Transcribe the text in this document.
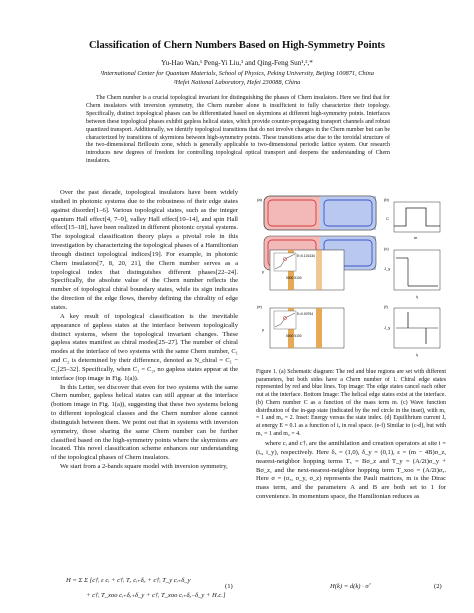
Classification of Chern Numbers Based on High-Symmetry Points
Yu-Hao Wan,¹ Peng-Yi Liu,¹ and Qing-Feng Sun¹,²,*
¹International Center for Quantum Materials, School of Physics, Peking University, Beijing 100871, China
²Hefei National Laboratory, Hefei 230088, China
The Chern number is a crucial topological invariant for distinguishing the phases of Chern insulators. Here we find that for Chern insulators with inversion symmetry, the Chern number alone is insufficient to fully characterize their topology. Specifically, distinct topological phases can be differentiated based on skyrmions at different high-symmetry points. Interfaces between these topological phases exhibit gapless helical states, which provide counter-propagating transport channels and robust quantized transport. Additionally, we identify topological transitions that do not involve changes in the Chern number but can be characterized by transitions of skyrmions between high-symmetry points. These transitions arise due to the toroidal structure of the two-dimensional Brillouin zone, which is generally applicable to two-dimensional periodic lattice system. Our research introduces new degrees of freedom for controlling topological optical transport and deepens the understanding of Chern insulators.

Over the past decade, topological insulators have been widely studied in photonic systems due to the robustness of their edge states against disorder[1–6]. Various topological states, such as the integer quantum Hall effect[4, 7–9], valley Hall effect[10–14], and spin Hall effect[15–18], have been realized in different photonic crystal systems. The topological classification theory plays a pivotal role in this investigation by characterizing the topological phases of a Hamiltonian through distinct topological indices[19]. For example, in photonic Chern insulators[7, 8, 20, 21], the Chern number serves as a topological index that distinguishes different phases[22–24]. Specifically, the absolute value of the Chern number reflects the number of topological chiral boundary states, while its sign indicates the direction of the edge flows, thereby defining the chirality of edge states.

A key result of topological classification is the inevitable appearance of gapless states at the interface between topologically distinct systems, where the topological invariant changes. These gapless states manifest as chiral modes[25–27]. The number of chiral modes at the interface of two systems with the same Chern number, C₁ and C₂ is determined by their difference, denoted as N_chiral = C₁ − C₂[25–32]. Specifically, when C₁ = C₂, no gapless states appear at the interface (top image in Fig. 1(a)).

In this Letter, we discover that even for two systems with the same Chern number, gapless helical states can still appear at the interface (bottom image in Fig. 1(a)), suggesting that these two systems belong to different topological classes and the Chern number alone cannot distinguish between them. We point out that in systems with inversion symmetry, those sharing the same Chern number can be further classified based on the high-symmetry points where the skyrmions are located. This novel classification scheme enhances our understanding of the topological phases of Chern insulators.

We start from a 2-bands square model with inversion symmetry,

H = Σ Σ [c†ᵢ ε cᵢ + c†ᵢ Tₓ cᵢ₊δₓ + c†ᵢ T_y cᵢ₊δ_y
+ c†ᵢ T_xoo cᵢ₊δₓ₊δ_y + c†ᵢ T_xoo cᵢ₊δₓ₋δ_y + H.c.]
(1)
(a)	(b)
C
m
(c)
y
E=0.101434
5000 5100
J_y
iₓ
(e)
y
E=0.00794
5000 5100
(f)
J_y
iₓ
Figure 1. (a) Schematic diagram: The red and blue regions are set with different parameters, but both sides have a Chern number of 1. Chiral edge states represented by red and blue lines. Top image: The edge states cancel each other out at the interface. Bottom Image: The helical edge states exist at the interface. (b) Chern number C as a function of the mass term m. (c) Wave function distribution of the in-gap state (indicated by the red circle in the inset), with m₁ = 1 and m₂ = 2. Inset: Energy versus the state index. (d) Equilibrium current Jₓ at energy E = 0.1 as a function of iₓ in real space. (e-f) Similar to (c-d), but with m₁ = 1 and m₂ = 4.

where cᵢ and c†ᵢ are the annihilation and creation operators at site i = (iₓ, i_y), respectively. Here δₓ = (1,0), δ_y = (0,1), ε = (m − 4B)σ_z, nearest-neighbor hopping terms Tₓ = Bσ_z and T_y = (A/2i)σ_y + Bσ_z, and the next-nearest-neighbor hopping term T_xoo = (A/2i)σₓ. Here σ = (σₓ, σ_y, σ_z) represents the Pauli matrices, m is the Dirac mass term, and the parameters A and B are both set to 1 for convenience. In momentum space, the Hamiltonian reduces as

H(k) = d(k) · σ̂	(2)
